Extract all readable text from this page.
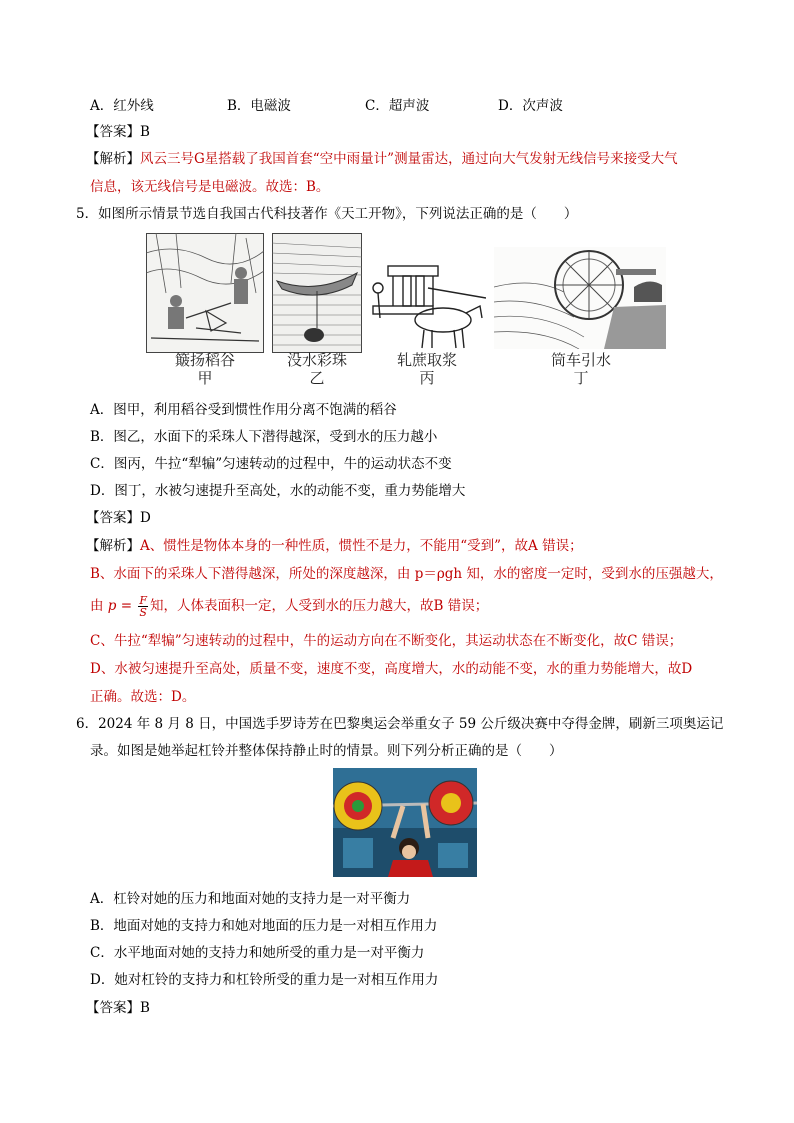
A．红外线	B．电磁波	C．超声波	D．次声波
【答案】B
【解析】风云三号G星搭载了我国首套“空中雨量计”测量雷达，通过向大气发射无线信号来接受大气
信息，该无线信号是电磁波。故选：B。
5．如图所示情景节选自我国古代科技著作《天工开物》，下列说法正确的是（　　）
簸扬稻谷
甲
没水彩珠
乙
轧蔗取浆
丙
筒车引水
丁
A．图甲，利用稻谷受到惯性作用分离不饱满的稻谷
B．图乙，水面下的采珠人下潜得越深，受到水的压力越小
C．图丙，牛拉“犁犏”匀速转动的过程中，牛的运动状态不变
D．图丁，水被匀速提升至高处，水的动能不变，重力势能增大
【答案】D
【解析】A、惯性是物体本身的一种性质，惯性不是力，不能用“受到”，故A 错误；
B、水面下的采珠人下潜得越深，所处的深度越深，由 p＝ρgh 知，水的密度一定时，受到水的压强越大，
由 $p = \frac{F}{S}$ 知，人体表面积一定，人受到水的压力越大，故B 错误；
C、牛拉“犁犏”匀速转动的过程中，牛的运动方向在不断变化，其运动状态在不断变化，故C 错误；
D、水被匀速提升至高处，质量不变，速度不变，高度增大，水的动能不变，水的重力势能增大，故D
正确。故选：D。
6．2024 年 8 月 8 日，中国选手罗诗芳在巴黎奥运会举重女子 59 公斤级决赛中夺得金牌，刷新三项奥运记
录。如图是她举起杠铃并整体保持静止时的情景。则下列分析正确的是（　　）
A．杠铃对她的压力和地面对她的支持力是一对平衡力
B．地面对她的支持力和她对地面的压力是一对相互作用力
C．水平地面对她的支持力和她所受的重力是一对平衡力
D．她对杠铃的支持力和杠铃所受的重力是一对相互作用力
【答案】B
